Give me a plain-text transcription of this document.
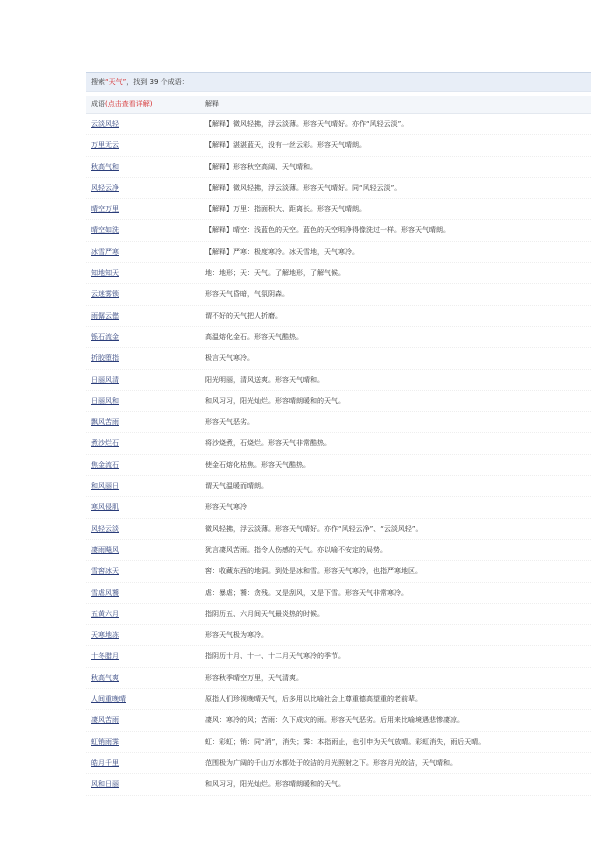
搜索“天气”，找到 39 个成语：
成语(点击查看详解)	解释
云淡风轻	【解释】微风轻拂，浮云淡薄。形容天气晴好。亦作“风轻云淡”。
万里无云	【解释】湛湛蓝天，没有一丝云彩。形容天气晴朗。
秋高气和	【解释】形容秋空高阔、天气晴和。
风轻云净	【解释】微风轻拂，浮云淡薄。形容天气晴好。同“风轻云淡”。
晴空万里	【解释】万里：指面积大、距离长。形容天气晴朗。
晴空如洗	【解释】晴空：浅蓝色的天空。蓝色的天空明净得像洗过一样。形容天气晴朗。
冰雪严寒	【解释】严寒：极度寒冷。冰天雪地，天气寒冷。
知地知天	地：地形；天：天气。了解地形，了解气候。
云迷雾锁	形容天气昏暗，气氛阴森。
雨僝云僽	谓不好的天气把人折磨。
铄石流金	高温熔化金石。形容天气酷热。
折胶堕指	极言天气寒冷。
日丽风清	阳光明丽，清风送爽。形容天气晴和。
日丽风和	和风习习，阳光灿烂。形容晴朗暖和的天气。
飘风苦雨	形容天气恶劣。
煮沙烂石	将沙烧煮，石烧烂。形容天气非常酷热。
焦金流石	使金石熔化枯焦。形容天气酷热。
和风丽日	谓天气温暖而晴朗。
寒风侵肌	形容天气寒冷
风轻云淡	微风轻拂，浮云淡薄。形容天气晴好。亦作“风轻云净”、“云淡风轻”。
凄雨飚风	犹言凄风苦雨。指令人伤感的天气。亦以喻不安定的局势。
雪窖冰天	窖：收藏东西的地洞。到处是冰和雪。形容天气寒冷，也指严寒地区。
雪虐风饕	虐：暴虐；饕：贪残。又是刮风，又是下雪。形容天气非常寒冷。
五黄六月	指阴历五、六月间天气最炎热的时候。
天寒地冻	形容天气极为寒冷。
十冬腊月	指阴历十月、十一、十二月天气寒冷的季节。
秋高气爽	形容秋季晴空万里，天气清爽。
人间重晚晴	原指人们珍视晚晴天气，后多用以比喻社会上尊重德高望重的老前辈。
凄风苦雨	凄风：寒冷的风；苦雨：久下成灾的雨。形容天气恶劣。后用来比喻境遇悲惨凄凉。
虹销雨霁	虹：彩虹；销：同“消”，消失；霁：本指雨止，也引申为天气放晴。彩虹消失，雨后天晴。
皓月千里	范围极为广阔的千山万水都处于皎洁的月光照射之下。形容月光皎洁，天气晴和。
风和日丽	和风习习，阳光灿烂。形容晴朗暖和的天气。
